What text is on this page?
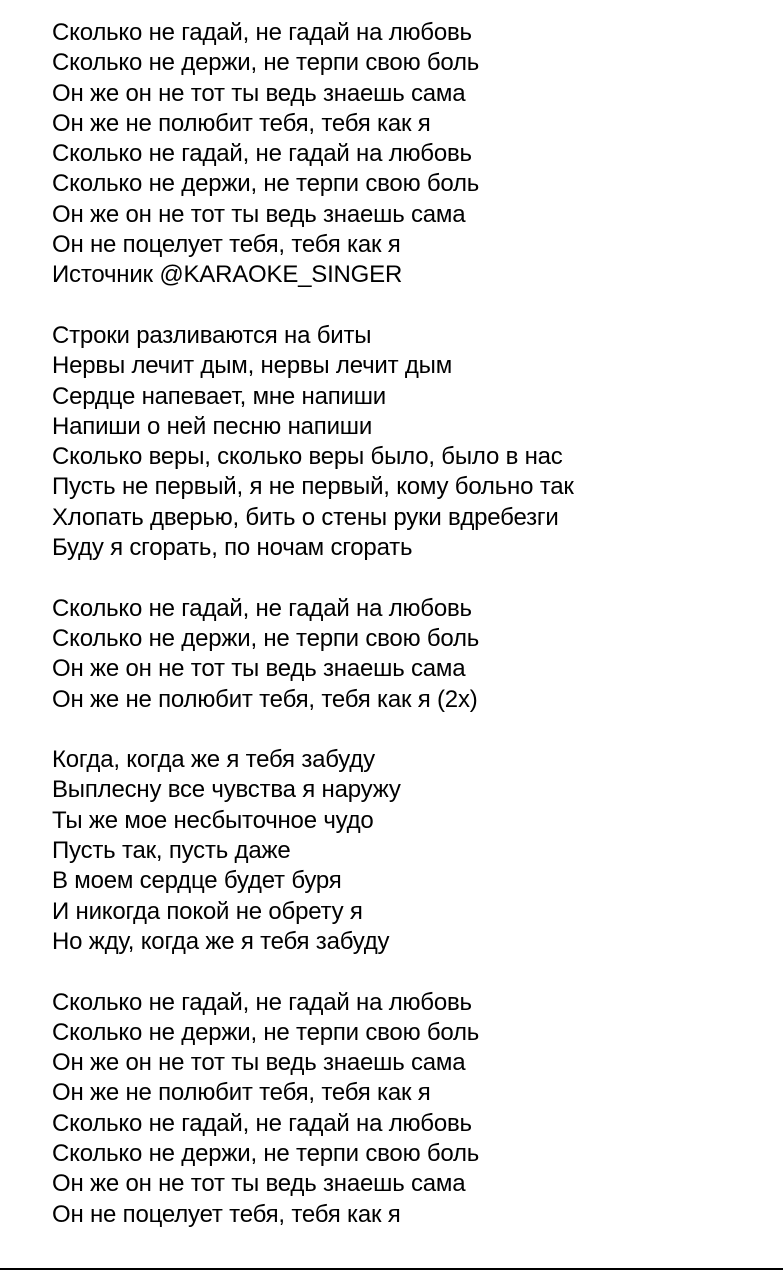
Сколько не гадай, не гадай на любовь
Сколько не держи, не терпи свою боль
Он же он не тот ты ведь знаешь сама
Он же не полюбит тебя, тебя как я
Сколько не гадай, не гадай на любовь
Сколько не держи, не терпи свою боль
Он же он не тот ты ведь знаешь сама
Он не поцелует тебя, тебя как я
Источник @KARAOKE_SINGER
Строки разливаются на биты
Нервы лечит дым, нервы лечит дым
Сердце напевает, мне напиши
Напиши о ней песню напиши
Сколько веры, сколько веры было, было в нас
Пусть не первый, я не первый, кому больно так
Хлопать дверью, бить о стены руки вдребезги
Буду я сгорать, по ночам сгорать
Сколько не гадай, не гадай на любовь
Сколько не держи, не терпи свою боль
Он же он не тот ты ведь знаешь сама
Он же не полюбит тебя, тебя как я (2х)
Когда, когда же я тебя забуду
Выплесну все чувства я наружу
Ты же мое несбыточное чудо
Пусть так, пусть даже
В моем сердце будет буря
И никогда покой не обрету я
Но жду, когда же я тебя забуду
Сколько не гадай, не гадай на любовь
Сколько не держи, не терпи свою боль
Он же он не тот ты ведь знаешь сама
Он же не полюбит тебя, тебя как я
Сколько не гадай, не гадай на любовь
Сколько не держи, не терпи свою боль
Он же он не тот ты ведь знаешь сама
Он не поцелует тебя, тебя как я
